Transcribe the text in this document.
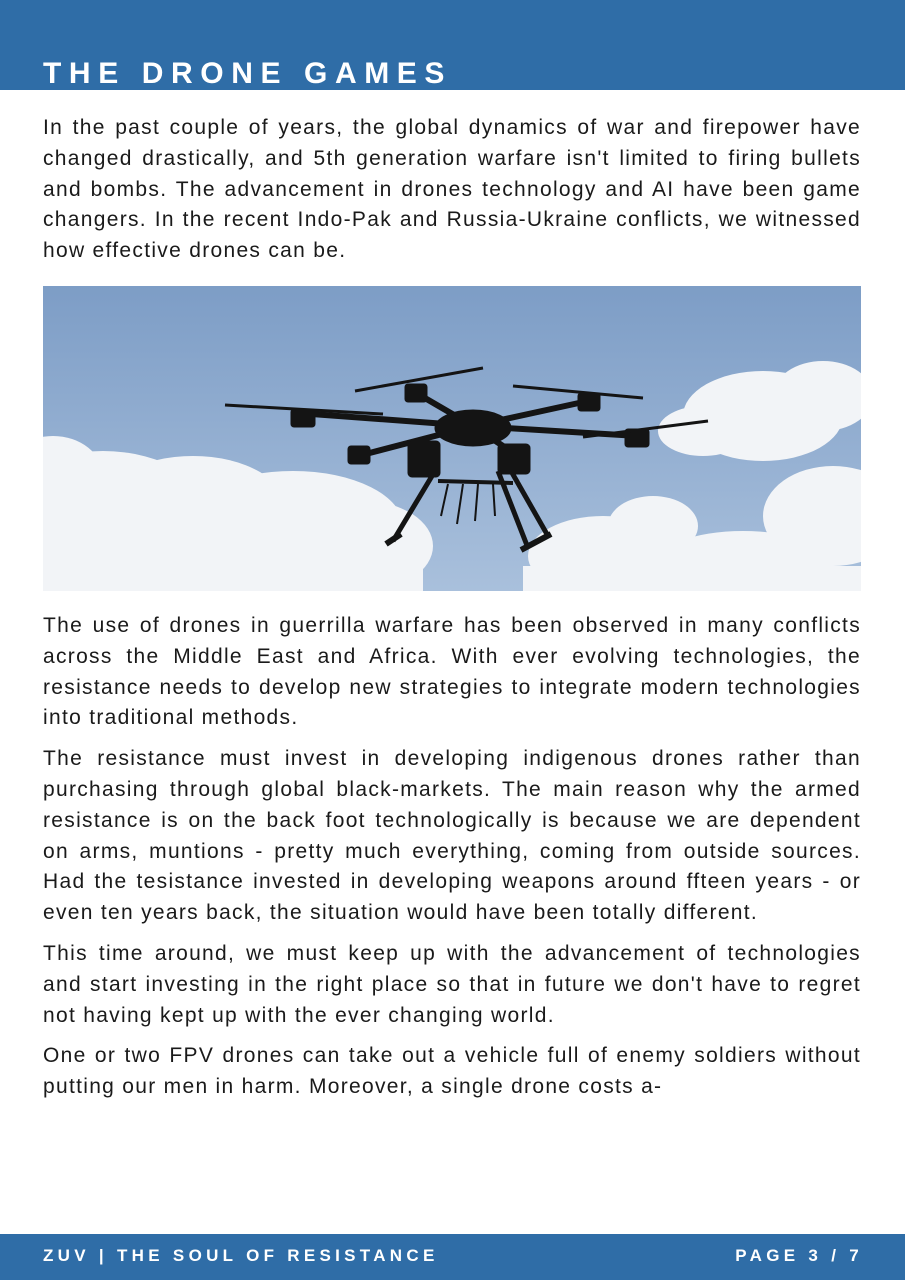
THE DRONE GAMES

In the past couple of years, the global dynamics of war and firepower have changed drastically, and 5th generation warfare isn't limited to firing bullets and bombs. The advancement in drones technology and AI have been game changers. In the recent Indo-Pak and Russia-Ukraine conflicts, we witnessed how effective drones can be.

The use of drones in guerrilla warfare has been observed in many conflicts across the Middle East and Africa. With ever evolving technologies, the resistance needs to develop new strategies to integrate modern technologies into traditional methods.

The resistance must invest in developing indigenous drones rather than purchasing through global black-markets. The main reason why the armed resistance is on the back foot technologically is because we are dependent on arms, muntions - pretty much everything, coming from outside sources. Had the tesistance invested in developing weapons around ffteen years - or even ten years back, the situation would have been totally different.

This time around, we must keep up with the advancement of technologies and start investing in the right place so that in future we don't have to regret not having kept up with the ever changing world.

One or two FPV drones can take out a vehicle full of enemy soldiers without putting our men in harm. Moreover, a single drone costs a-

ZUV | THE SOUL OF RESISTANCE	PAGE 3 / 7
